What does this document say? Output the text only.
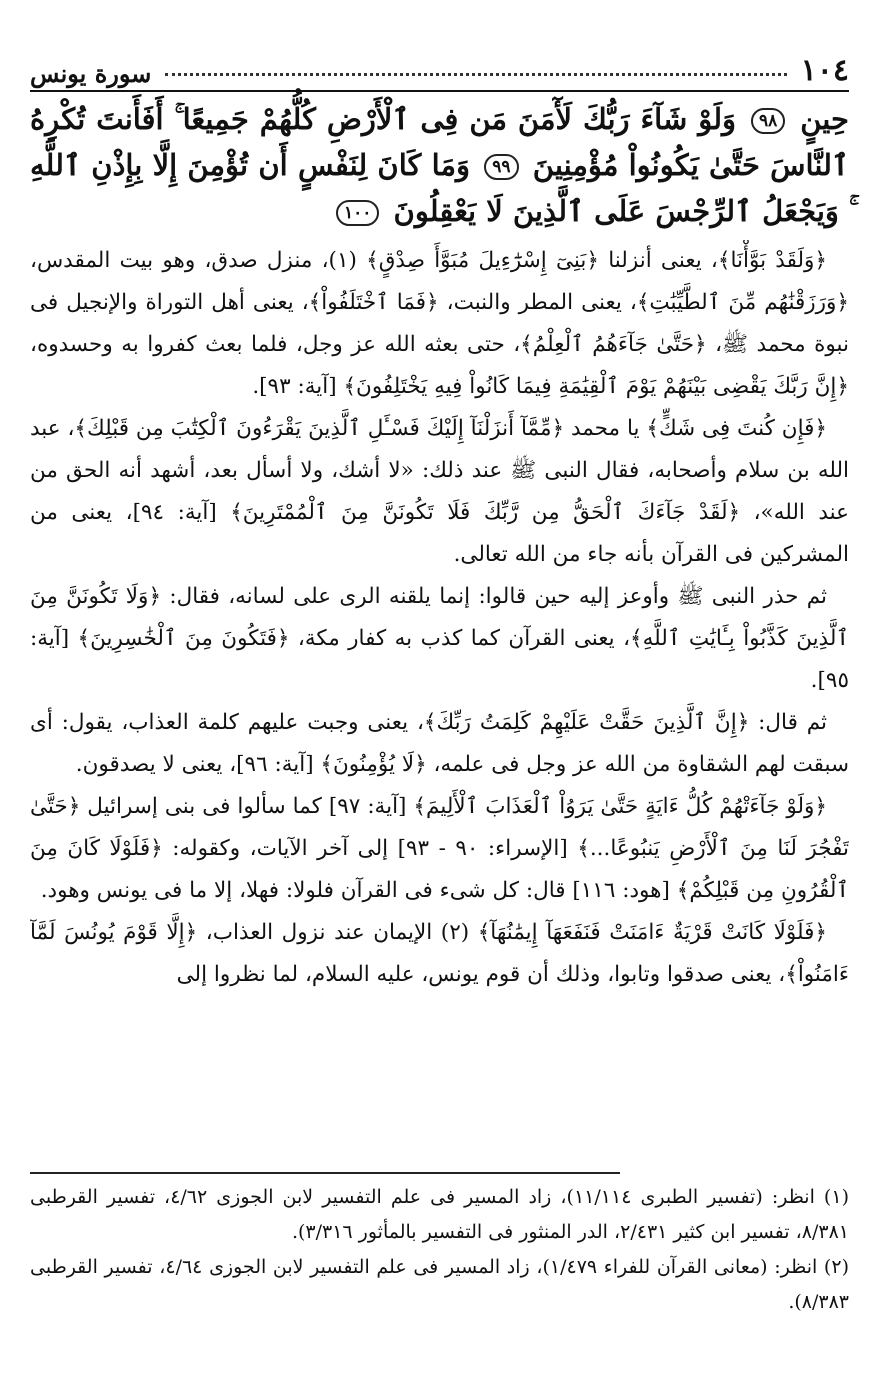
١٠٤
سورة يونس
حِينٍ ٩٨ وَلَوْ شَآءَ رَبُّكَ لَأٓمَنَ مَن فِى ٱلْأَرْضِ كُلُّهُمْ جَمِيعًا ۚ أَفَأَنتَ تُكْرِهُ ٱلنَّاسَ حَتَّىٰ يَكُونُواْ مُؤْمِنِينَ ٩٩ وَمَا كَانَ لِنَفْسٍ أَن تُؤْمِنَ إِلَّا بِإِذْنِ ٱللَّهِ ۚ وَيَجْعَلُ ٱلرِّجْسَ عَلَى ٱلَّذِينَ لَا يَعْقِلُونَ ١٠٠

﴿وَلَقَدْ بَوَّأْنَا﴾، يعنى أنزلنا ﴿بَنِىٓ إِسْرَٰٓءِيلَ مُبَوَّأَ صِدْقٍ﴾ (١)، منزل صدق، وهو بيت المقدس، ﴿وَرَزَقْنَٰهُم مِّنَ ٱلطَّيِّبَٰتِ﴾، يعنى المطر والنبت، ﴿فَمَا ٱخْتَلَفُواْ﴾، يعنى أهل التوراة والإنجيل فى نبوة محمد ﷺ، ﴿حَتَّىٰ جَآءَهُمُ ٱلْعِلْمُ﴾، حتى بعثه الله عز وجل، فلما بعث كفروا به وحسدوه، ﴿إِنَّ رَبَّكَ يَقْضِى بَيْنَهُمْ يَوْمَ ٱلْقِيَٰمَةِ فِيمَا كَانُواْ فِيهِ يَخْتَلِفُونَ﴾ [آية: ٩٣].

﴿فَإِن كُنتَ فِى شَكٍّ﴾ يا محمد ﴿مِّمَّآ أَنزَلْنَآ إِلَيْكَ فَسْـَٔلِ ٱلَّذِينَ يَقْرَءُونَ ٱلْكِتَٰبَ مِن قَبْلِكَ﴾، عبد الله بن سلام وأصحابه، فقال النبى ﷺ عند ذلك: «لا أشك، ولا أسأل بعد، أشهد أنه الحق من عند الله»، ﴿لَقَدْ جَآءَكَ ٱلْحَقُّ مِن رَّبِّكَ فَلَا تَكُونَنَّ مِنَ ٱلْمُمْتَرِينَ﴾ [آية: ٩٤]، يعنى من المشركين فى القرآن بأنه جاء من الله تعالى.

ثم حذر النبى ﷺ وأوعز إليه حين قالوا: إنما يلقنه الرى على لسانه، فقال: ﴿وَلَا تَكُونَنَّ مِنَ ٱلَّذِينَ كَذَّبُواْ بِـَٔايَٰتِ ٱللَّهِ﴾، يعنى القرآن كما كذب به كفار مكة، ﴿فَتَكُونَ مِنَ ٱلْخَٰسِرِينَ﴾ [آية: ٩٥].

ثم قال: ﴿إِنَّ ٱلَّذِينَ حَقَّتْ عَلَيْهِمْ كَلِمَتُ رَبِّكَ﴾، يعنى وجبت عليهم كلمة العذاب، يقول: أى سبقت لهم الشقاوة من الله عز وجل فى علمه، ﴿لَا يُؤْمِنُونَ﴾ [آية: ٩٦]، يعنى لا يصدقون.

﴿وَلَوْ جَآءَتْهُمْ كُلُّ ءَايَةٍ حَتَّىٰ يَرَوُاْ ٱلْعَذَابَ ٱلْأَلِيمَ﴾ [آية: ٩٧] كما سألوا فى بنى إسرائيل ﴿حَتَّىٰ تَفْجُرَ لَنَا مِنَ ٱلْأَرْضِ يَنبُوعًا...﴾ [الإسراء: ٩٠ - ٩٣] إلى آخر الآيات، وكقوله: ﴿فَلَوْلَا كَانَ مِنَ ٱلْقُرُونِ مِن قَبْلِكُمْ﴾ [هود: ١١٦] قال: كل شىء فى القرآن فلولا: فهلا، إلا ما فى يونس وهود.

﴿فَلَوْلَا كَانَتْ قَرْيَةٌ ءَامَنَتْ فَنَفَعَهَآ إِيمَٰنُهَآ﴾ (٢) الإيمان عند نزول العذاب، ﴿إِلَّا قَوْمَ يُونُسَ لَمَّآ ءَامَنُواْ﴾، يعنى صدقوا وتابوا، وذلك أن قوم يونس، عليه السلام، لما نظروا إلى

(١) انظر: (تفسير الطبرى ١١/١١٤)، زاد المسير فى علم التفسير لابن الجوزى ٤/٦٢، تفسير القرطبى ٨/٣٨١، تفسير ابن كثير ٢/٤٣١، الدر المنثور فى التفسير بالمأثور ٣/٣١٦).

(٢) انظر: (معانى القرآن للفراء ١/٤٧٩)، زاد المسير فى علم التفسير لابن الجوزى ٤/٦٤، تفسير القرطبى ٨/٣٨٣).
